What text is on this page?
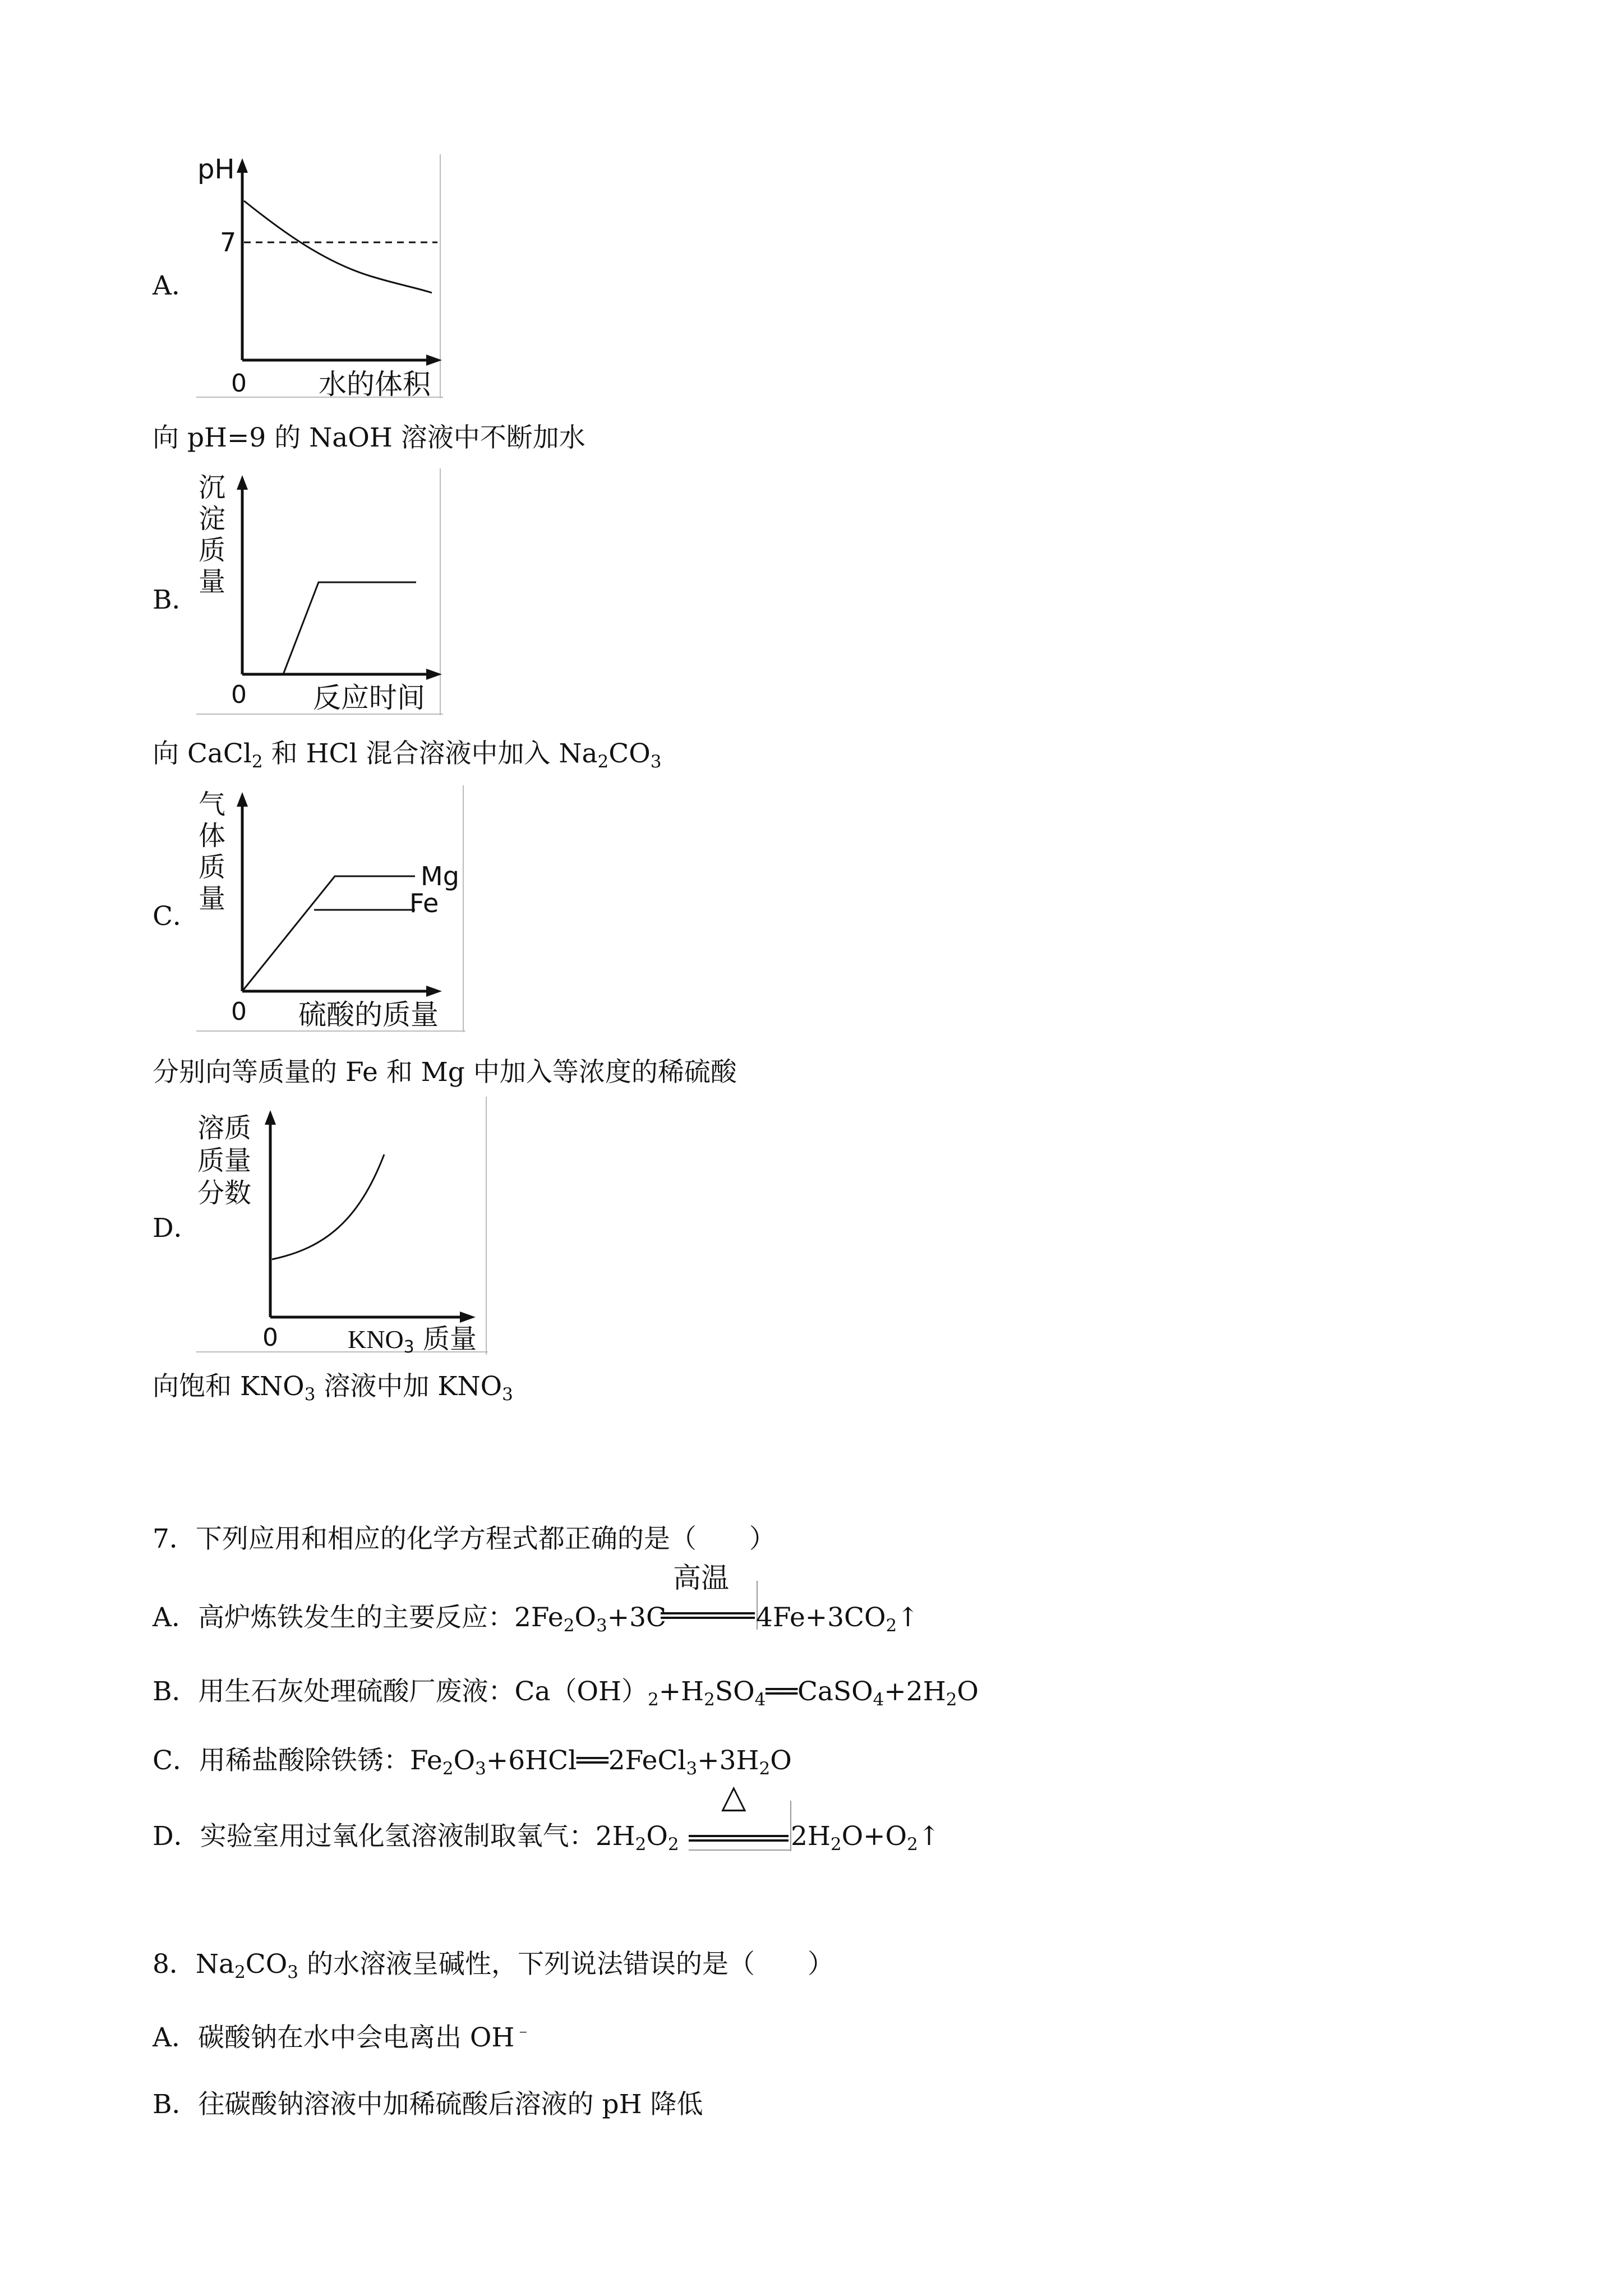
A．
pH
7
0	水的体积
向 pH=9 的 NaOH 溶液中不断加水
B．
沉
淀
质
量
0 反应时间
向 CaCl$_2$ 和 HCl 混合溶液中加入 $Na_2CO_3$
C．
气
体
质
量
Mg
Fe
0 硫酸的质量
分别向等质量的 Fe 和 Mg 中加入等浓度的稀硫酸
D．
溶质
质量
分数
0	KNO3 质量
向饱和 $KNO_3$ 溶液中加 $KNO_3$
7．下列应用和相应的化学方程式都正确的是（　　）
A．高炉炼铁发生的主要反应：$2Fe_2O_3+3C$
高温
$4Fe+3CO_2↑$
B．用生石灰处理硫酸厂废液：$Ca(OH)_2+H_2SO_4══CaSO_4+2H_2O$
C．用稀盐酸除铁锈：$Fe_2O_3+6HCl══2FeCl_3+3H_2O$
D．实验室用过氧化氢溶液制取氧气：$2H_2O_2$
△
$2H_2O+O_2↑$
8．$Na_2CO_3$ 的水溶液呈碱性，下列说法错误的是（　　）
A．碳酸钠在水中会电离出 OH﹣
B．往碳酸钠溶液中加稀硫酸后溶液的 pH 降低
